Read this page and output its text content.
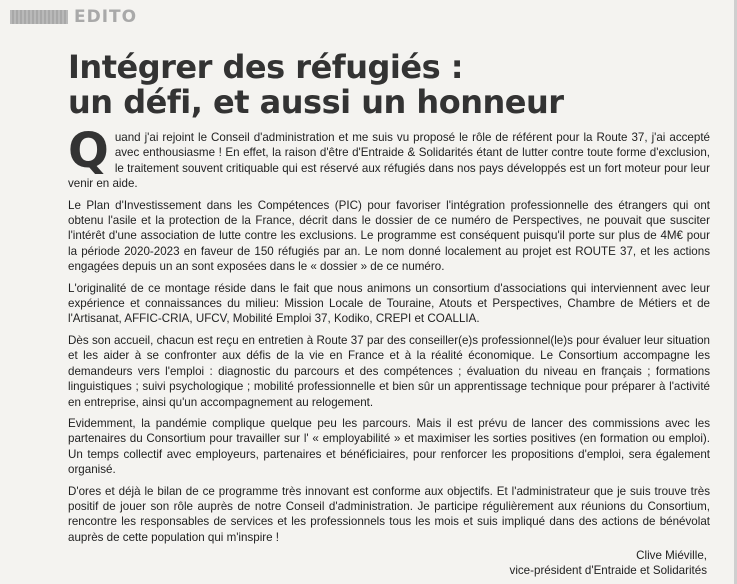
EDITO
Intégrer des réfugiés :
un défi, et aussi un honneur

Quand j'ai rejoint le Conseil d'administration et me suis vu proposé le rôle de référent pour la Route 37, j'ai accepté avec enthousiasme ! En effet, la raison d'être d'Entraide & Solidarités étant de lutter contre toute forme d'exclusion, le traitement souvent critiquable qui est réservé aux réfugiés dans nos pays développés est un fort moteur pour leur venir en aide.

Le Plan d'Investissement dans les Compétences (PIC) pour favoriser l'intégration professionnelle des étrangers qui ont obtenu l'asile et la protection de la France, décrit dans le dossier de ce numéro de Perspectives, ne pouvait que susciter l'intérêt d'une association de lutte contre les exclusions. Le programme est conséquent puisqu'il porte sur plus de 4M€ pour la période 2020-2023 en faveur de 150 réfugiés par an. Le nom donné localement au projet est ROUTE 37, et les actions engagées depuis un an sont exposées dans le « dossier » de ce numéro.

L'originalité de ce montage réside dans le fait que nous animons un consortium d'associations qui interviennent avec leur expérience et connaissances du milieu: Mission Locale de Touraine, Atouts et Perspectives, Chambre de Métiers et de l'Artisanat, AFFIC-CRIA, UFCV, Mobilité Emploi 37, Kodiko, CREPI et COALLIA.

Dès son accueil, chacun est reçu en entretien à Route 37 par des conseiller(e)s professionnel(le)s pour évaluer leur situation et les aider à se confronter aux défis de la vie en France et à la réalité économique. Le Consortium accompagne les demandeurs vers l'emploi : diagnostic du parcours et des compétences ; évaluation du niveau en français ; formations linguistiques ; suivi psychologique ; mobilité professionnelle et bien sûr un apprentissage technique pour préparer à l'activité en entreprise, ainsi qu'un accompagnement au relogement.

Evidemment, la pandémie complique quelque peu les parcours. Mais il est prévu de lancer des commissions avec les partenaires du Consortium pour travailler sur l' « employabilité » et maximiser les sorties positives (en formation ou emploi). Un temps collectif avec employeurs, partenaires et bénéficiaires, pour renforcer les propositions d'emploi, sera également organisé.

D'ores et déjà le bilan de ce programme très innovant est conforme aux objectifs. Et l'administrateur que je suis trouve très positif de jouer son rôle auprès de notre Conseil d'administration. Je participe régulièrement aux réunions du Consortium, rencontre les responsables de services et les professionnels tous les mois et suis impliqué dans des actions de bénévolat auprès de cette population qui m'inspire !

Clive Miéville,
vice-président d'Entraide et Solidarités
